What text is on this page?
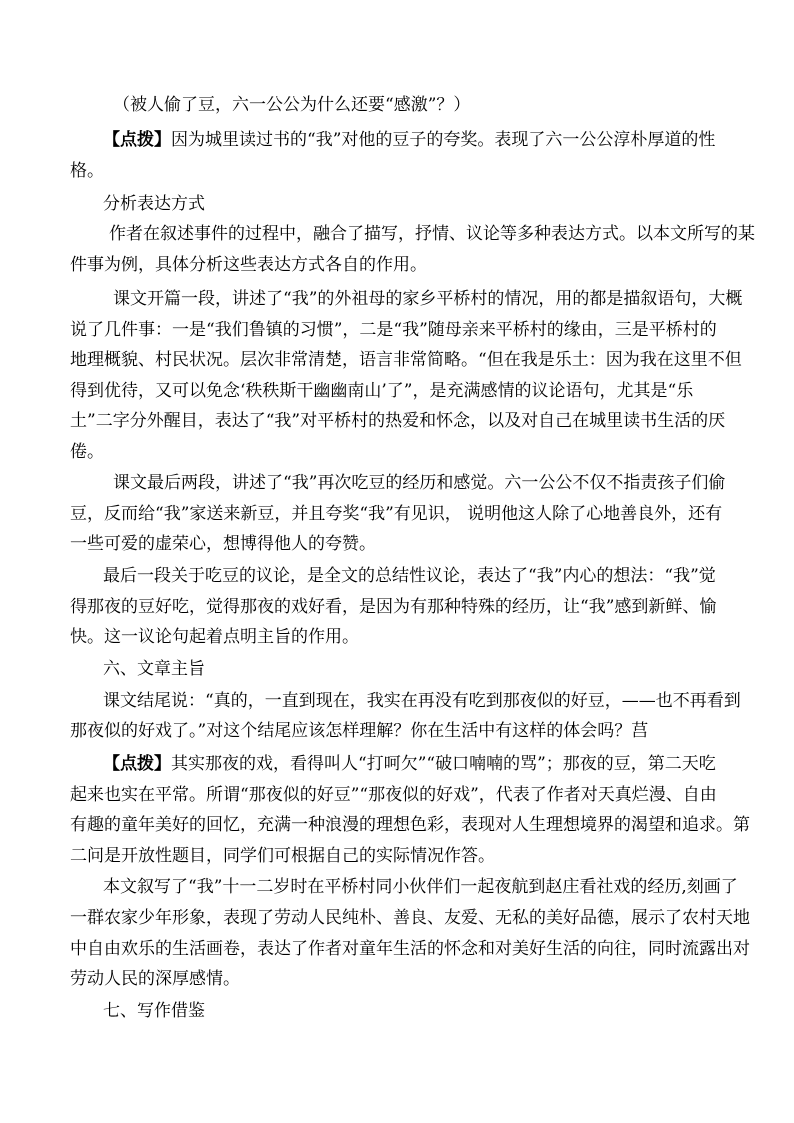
（被人偷了豆，六一公公为什么还要“感激”？）
【点拨】因为城里读过书的“我”对他的豆子的夸奖。表现了六一公公淳朴厚道的性
格。
分析表达方式
作者在叙述事件的过程中，融合了描写，抒情、议论等多种表达方式。以本文所写的某
件事为例，具体分析这些表达方式各自的作用。
课文开篇一段，讲述了“我”的外祖母的家乡平桥村的情况，用的都是描叙语句，大概
说了几件事：一是“我们鲁镇的习惯”，二是“我”随母亲来平桥村的缘由，三是平桥村的
地理概貌、村民状况。层次非常清楚，语言非常简略。“但在我是乐土：因为我在这里不但
得到优待，又可以免念‘秩秩斯干幽幽南山’了”，是充满感情的议论语句，尤其是“乐
土”二字分外醒目，表达了“我”对平桥村的热爱和怀念，以及对自己在城里读书生活的厌
倦。
课文最后两段，讲述了“我”再次吃豆的经历和感觉。六一公公不仅不指责孩子们偷
豆，反而给“我”家送来新豆，并且夸奖“我”有见识， 说明他这人除了心地善良外，还有
一些可爱的虚荣心，想博得他人的夸赞。
最后一段关于吃豆的议论，是全文的总结性议论，表达了“我”内心的想法：“我”觉
得那夜的豆好吃，觉得那夜的戏好看，是因为有那种特殊的经历，让“我”感到新鲜、愉
快。这一议论句起着点明主旨的作用。
六、文章主旨
课文结尾说：“真的，一直到现在，我实在再没有吃到那夜似的好豆，——也不再看到
那夜似的好戏了。”对这个结尾应该怎样理解？你在生活中有这样的体会吗？莒
【点拨】其实那夜的戏，看得叫人“打呵欠”“破口喃喃的骂”；那夜的豆，第二天吃
起来也实在平常。所谓“那夜似的好豆”“那夜似的好戏”，代表了作者对天真烂漫、自由
有趣的童年美好的回忆，充满一种浪漫的理想色彩，表现对人生理想境界的渴望和追求。第
二问是开放性题目，同学们可根据自己的实际情况作答。
本文叙写了“我”十一二岁时在平桥村同小伙伴们一起夜航到赵庄看社戏的经历,刻画了
一群农家少年形象，表现了劳动人民纯朴、善良、友爱、无私的美好品德，展示了农村天地
中自由欢乐的生活画卷，表达了作者对童年生活的怀念和对美好生活的向往，同时流露出对
劳动人民的深厚感情。
七、写作借鉴
